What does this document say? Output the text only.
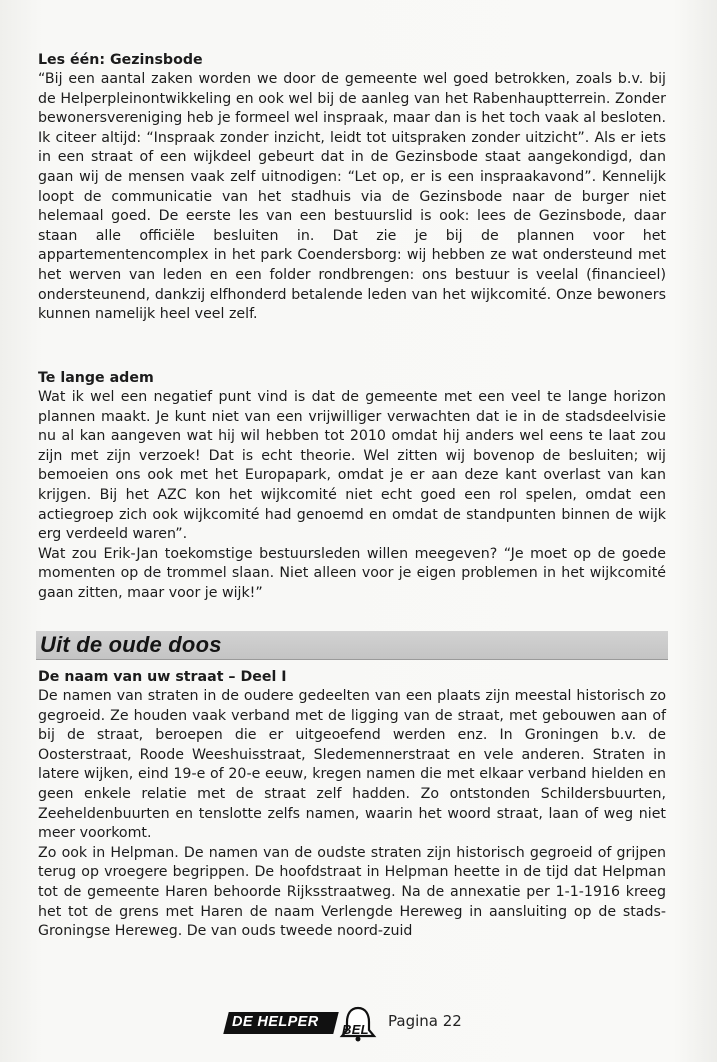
Les één: Gezinsbode

“Bij een aantal zaken worden we door de gemeente wel goed betrokken, zoals b.v. bij de Helperpleinontwikkeling en ook wel bij de aanleg van het Rabenhauptterrein. Zonder bewonersvereniging heb je formeel wel inspraak, maar dan is het toch vaak al besloten. Ik citeer altijd: “Inspraak zonder inzicht, leidt tot uitspraken zonder uitzicht”. Als er iets in een straat of een wijkdeel gebeurt dat in de Gezinsbode staat aangekondigd, dan gaan wij de mensen vaak zelf uitnodigen: “Let op, er is een inspraakavond”. Kennelijk loopt de communicatie van het stadhuis via de Gezinsbode naar de burger niet helemaal goed. De eerste les van een bestuurslid is ook: lees de Gezinsbode, daar staan alle officiële besluiten in. Dat zie je bij de plannen voor het appartementencomplex in het park Coendersborg: wij hebben ze wat ondersteund met het werven van leden en een folder rondbrengen: ons bestuur is veelal (financieel) ondersteunend, dankzij elfhonderd betalende leden van het wijkcomité. Onze bewoners kunnen namelijk heel veel zelf.

Te lange adem

Wat ik wel een negatief punt vind is dat de gemeente met een veel te lange horizon plannen maakt. Je kunt niet van een vrijwilliger verwachten dat ie in de stadsdeelvisie nu al kan aangeven wat hij wil hebben tot 2010 omdat hij anders wel eens te laat zou zijn met zijn verzoek! Dat is echt theorie. Wel zitten wij bovenop de besluiten; wij bemoeien ons ook met het Europapark, omdat je er aan deze kant overlast van kan krijgen. Bij het AZC kon het wijkcomité niet echt goed een rol spelen, omdat een actiegroep zich ook wijkcomité had genoemd en omdat de standpunten binnen de wijk erg verdeeld waren”.

Wat zou Erik-Jan toekomstige bestuursleden willen meegeven? “Je moet op de goede momenten op de trommel slaan. Niet alleen voor je eigen problemen in het wijkcomité gaan zitten, maar voor je wijk!”

Uit de oude doos

De naam van uw straat – Deel I

De namen van straten in de oudere gedeelten van een plaats zijn meestal historisch zo gegroeid. Ze houden vaak verband met de ligging van de straat, met gebouwen aan of bij de straat, beroepen die er uitgeoefend werden enz. In Groningen b.v. de Oosterstraat, Roode Weeshuisstraat, Sledemennerstraat en vele anderen. Straten in latere wijken, eind 19-e of 20-e eeuw, kregen namen die met elkaar verband hielden en geen enkele relatie met de straat zelf hadden. Zo ontstonden Schildersbuurten, Zeeheldenbuurten en tenslotte zelfs namen, waarin het woord straat, laan of weg niet meer voorkomt.

Zo ook in Helpman. De namen van de oudste straten zijn historisch gegroeid of grijpen terug op vroegere begrippen. De hoofdstraat in Helpman heette in de tijd dat Helpman tot de gemeente Haren behoorde Rijksstraatweg. Na de annexatie per 1-1-1916 kreeg het tot de grens met Haren de naam Verlengde Hereweg in aansluiting op de stads-Groningse Hereweg. De van ouds tweede noord-zuid

DE HELPER BEL Pagina 22
